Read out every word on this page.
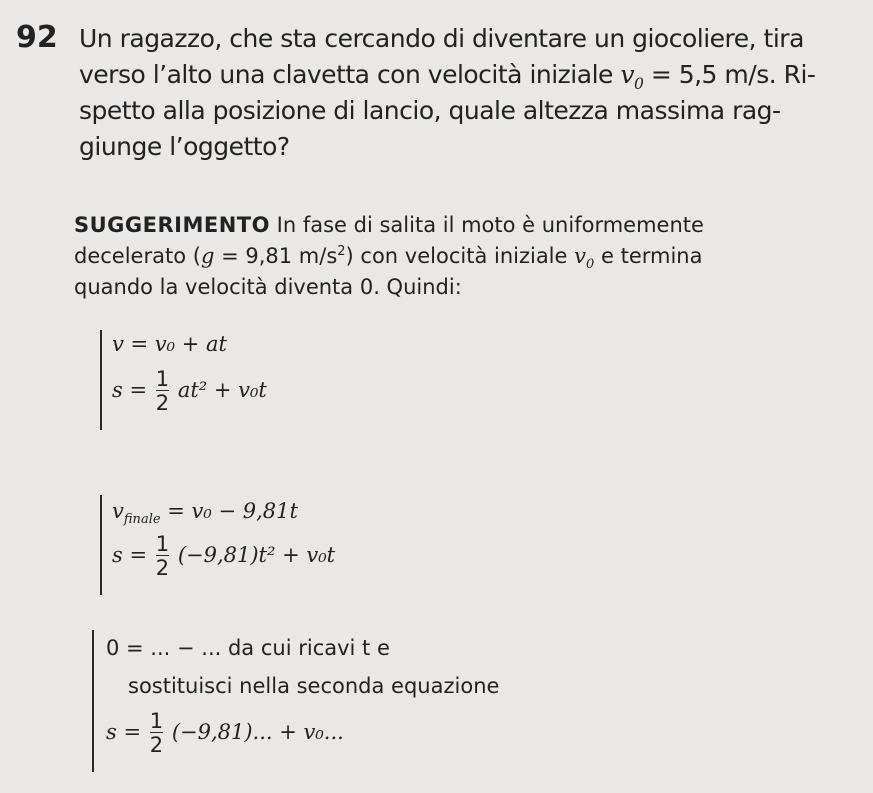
92 Un ragazzo, che sta cercando di diventare un giocoliere, tira
verso l’alto una clavetta con velocità iniziale $v_0 = 5,5$ m/s. Ri-
spetto alla posizione di lancio, quale altezza massima rag-
giunge l’oggetto?
SUGGERIMENTO In fase di salita il moto è uniformemente
decelerato (g = 9,81 $m/s^2$) con velocità iniziale $v_0$ e termina
quando la velocità diventa 0. Quindi:
v = v₀ + at
$s = \frac{1}{2} at^2 + v_0t$
$v_{finale} = v_0 - 9,81t$
$s = \frac{1}{2} (-9,81)t^2 + v_0t$
0 = ... − ... da cui ricavi t e
sostituisci nella seconda equazione
$s = \frac{1}{2} (-9,81)$... + v₀...
